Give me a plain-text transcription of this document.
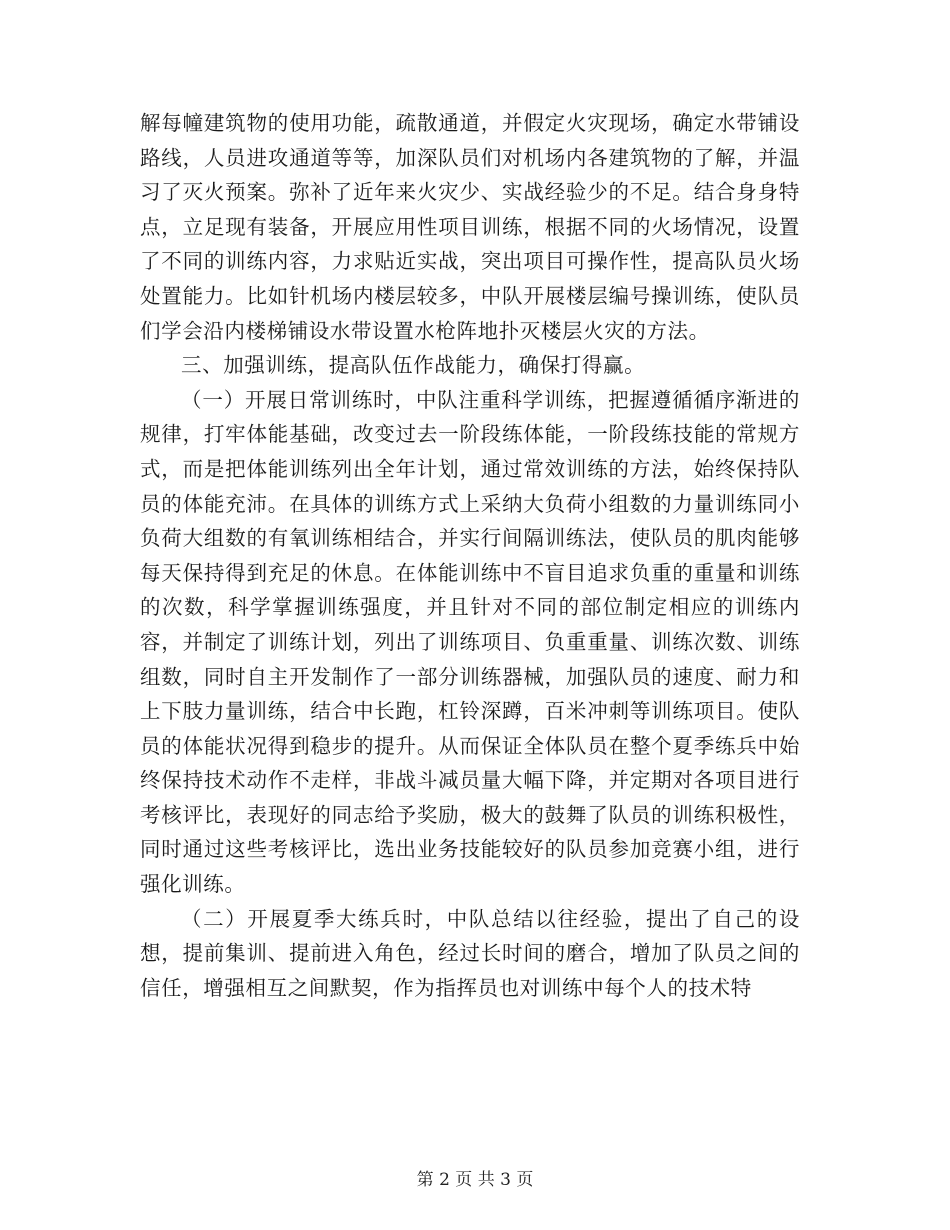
解每幢建筑物的使用功能，疏散通道，并假定火灾现场，确定水带铺设路线，人员进攻通道等等，加深队员们对机场内各建筑物的了解，并温习了灭火预案。弥补了近年来火灾少、实战经验少的不足。结合身身特点，立足现有装备，开展应用性项目训练，根据不同的火场情况，设置了不同的训练内容，力求贴近实战，突出项目可操作性，提高队员火场处置能力。比如针机场内楼层较多，中队开展楼层编号操训练，使队员们学会沿内楼梯铺设水带设置水枪阵地扑灭楼层火灾的方法。

三、加强训练，提高队伍作战能力，确保打得赢。

（一）开展日常训练时，中队注重科学训练，把握遵循循序渐进的规律，打牢体能基础，改变过去一阶段练体能，一阶段练技能的常规方式，而是把体能训练列出全年计划，通过常效训练的方法，始终保持队员的体能充沛。在具体的训练方式上采纳大负荷小组数的力量训练同小负荷大组数的有氧训练相结合，并实行间隔训练法，使队员的肌肉能够每天保持得到充足的休息。在体能训练中不盲目追求负重的重量和训练的次数，科学掌握训练强度，并且针对不同的部位制定相应的训练内容，并制定了训练计划，列出了训练项目、负重重量、训练次数、训练组数，同时自主开发制作了一部分训练器械，加强队员的速度、耐力和上下肢力量训练，结合中长跑，杠铃深蹲，百米冲刺等训练项目。使队员的体能状况得到稳步的提升。从而保证全体队员在整个夏季练兵中始终保持技术动作不走样，非战斗减员量大幅下降，并定期对各项目进行考核评比，表现好的同志给予奖励，极大的鼓舞了队员的训练积极性，同时通过这些考核评比，选出业务技能较好的队员参加竞赛小组，进行强化训练。

（二）开展夏季大练兵时，中队总结以往经验，提出了自己的设想，提前集训、提前进入角色，经过长时间的磨合，增加了队员之间的信任，增强相互之间默契，作为指挥员也对训练中每个人的技术特

第 2 页 共 3 页
